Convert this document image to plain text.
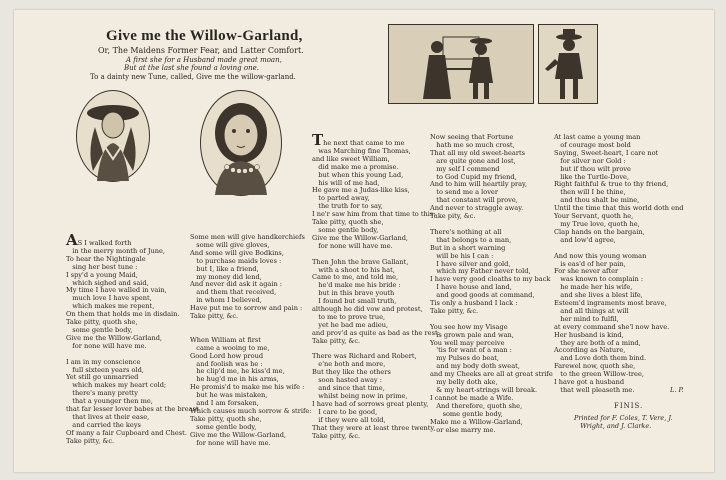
Give me the Willow-Garland,
Or, The Maidens Former Fear, and Latter Comfort.
A first she for a Husband made great moan,
But at the last she found a loving one.
To a dainty new Tune, called, Give me the willow-garland.
AS I walked forth
in the merry month of June,
To hear the Nightingale
sing her best tune :
I spy'd a young Maid,
which sighed and said,
My time I have walled in vain,
much love I have spent,
which makes me repent,
On them that holds me in disdain.
Take pitty, quoth she,
some gentle body,
Give me the Willow-Garland,
for none will have me.

I am in my conscience
full sixteen years old,
Yet still go unmarried
which makes my heart cold;
there's many pretty
that a younger then me,
that far lesser lover babes at the breast
that lives at their ease,
and carried the keys
Of many a fair Cupboard and Chest.
Take pitty, &c.
Some men will give handkerchiefs
some will give gloves,
And some will give Bodkins,
to purchase maids loves :
but I, like a friend,
my money did lend,
And never did ask it again :
and them that received,
in whom I believed,
Have put me to sorrow and pain :
Take pitty, &c.

When William at first
came a wooing to me,
Good Lord how proud
and foolish was he :
he clip'd me, he kiss'd me,
he hug'd me in his arms,
He promis'd to make me his wife :
but he was mistaken,
and I am forsaken,
Which causes much sorrow & strife:
Take pitty, quoth she,
some gentle body,
Give me the Willow-Garland,
for none will have me.
The next that came to me
was Marching fine Thomas,
and like sweet William,
did make me a promise.
but when this young Lad,
his will of me had,
He gave me a Judas-like kiss,
to parted away,
the truth for to say,
I ne'r saw him from that time to this:
Take pitty, quoth she,
some gentle body,
Give me the Willow-Garland,
for none will have me.

Then John the brave Gallant,
with a shoot to his hat,
Came to me, and told me,
he'd make me his bride :
but in this brave youth
I found but small truth,
although he did vow and protest,
to me to prove true,
yet he bad me adieu,
and prov'd as quite as bad as the rest:
Take pitty, &c.

There was Richard and Robert,
e'ne both and more,
But they like the others
soon hasted away :
and since that time,
whilst being now in prime,
I have had of sorrows great plenty,
I care to be good,
if they were all told,
That they were at least three twenty,
Take pitty, &c.
Now seeing that Fortune
hath me so much crost,
That all my old sweet-hearts
are quite gone and lost,
my self I commend
to God Cupid my friend,
And to him will heartily pray,
to send me a lover
that constant will prove,
And never to straggle away.
Take pity, &c.

There's nothing at all
that belongs to a man,
But in a short warning
will be his I can :
I have silver and gold,
which my Father never told,
I have very good cloaths to my back
I have house and land,
and good goods at command,
Tis only a husband I lack :
Take pitty, &c.

You see how my Visage
is grown pale and wan,
You well may perceive
'tis for want of a man :
my Pulses do beat,
and my body doth sweat,
and my Cheeks are all at great strife
my belly doth ake,
& my heart-strings will break.
I cannot be made a Wife.
And therefore, quoth she,
some gentle body,
Make me a Willow-Garland,
or else marry me.
At last came a young man
of courage most bold
Saying, Sweet-heart, I care not
for silver nor Gold :
but if thou wilt prove
like the Turtle-Dove,
Right faithful & true to thy friend,
then will I be thine,
and thou shalt be mine,
Until the time that this world doth end
Your Servant, quoth he,
my True love, quoth he,
Clap hands on the bargain,
and low'd agree,

And now this young woman
is eas'd of her pain,
For she never after
was known to complain :
he made her his wife,
and she lives a blest life,
Esteem'd ingraments most brave,
and all things at will
her mind to fulfil,
at every command she'l now have.
Her husband is kind,
they are both of a mind,
According as Nature,
and Love doth them bind.
Farewel now, quoth she,
to the green Willow-tree,
I have got a husband
that well pleaseth me.	L. P.
FINIS.
Printed for F. Coles, T. Vere, J.
Wright, and J. Clarke.
